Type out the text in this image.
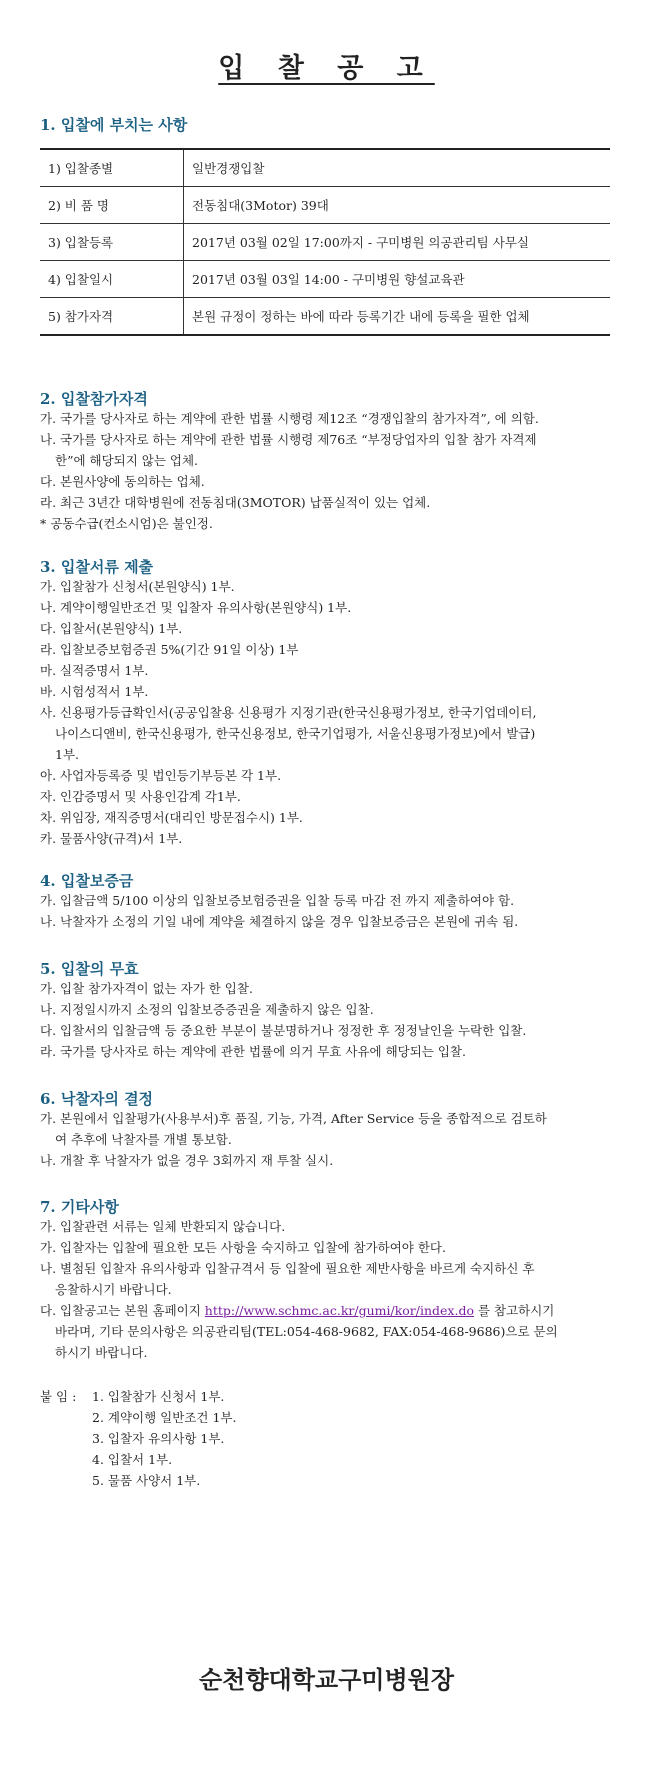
입 찰 공 고
1. 입찰에 부치는 사항
1) 입찰종별	일반경쟁입찰
2) 비 품 명	전동침대(3Motor) 39대
3) 입찰등록	2017년 03월 02일 17:00까지 - 구미병원 의공관리팀 사무실
4) 입찰일시	2017년 03월 03일 14:00 - 구미병원 향설교육관
5) 참가자격	본원 규정이 정하는 바에 따라 등록기간 내에 등록을 필한 업체
2. 입찰참가자격
가. 국가를 당사자로 하는 계약에 관한 법률 시행령 제12조 “경쟁입찰의 참가자격”, 에 의함.
나. 국가를 당사자로 하는 계약에 관한 법률 시행령 제76조 “부정당업자의 입찰 참가 자격제
한”에 해당되지 않는 업체.
다. 본원사양에 동의하는 업체.
라. 최근 3년간 대학병원에 전동침대(3MOTOR) 납품실적이 있는 업체.
* 공동수급(컨소시엄)은 불인정.
3. 입찰서류 제출
가. 입찰참가 신청서(본원양식) 1부.
나. 계약이행일반조건 및 입찰자 유의사항(본원양식) 1부.
다. 입찰서(본원양식) 1부.
라. 입찰보증보험증권 5%(기간 91일 이상) 1부
마. 실적증명서 1부.
바. 시험성적서 1부.
사. 신용평가등급확인서(공공입찰용 신용평가 지정기관(한국신용평가정보, 한국기업데이터,
나이스디앤비, 한국신용평가, 한국신용정보, 한국기업평가, 서울신용평가정보)에서 발급)
1부.
아. 사업자등록증 및 법인등기부등본 각 1부.
자. 인감증명서 및 사용인감계 각1부.
차. 위임장, 재직증명서(대리인 방문접수시) 1부.
카. 물품사양(규격)서 1부.
4. 입찰보증금
가. 입찰금액 5/100 이상의 입찰보증보험증권을 입찰 등록 마감 전 까지 제출하여야 함.
나. 낙찰자가 소정의 기일 내에 계약을 체결하지 않을 경우 입찰보증금은 본원에 귀속 됨.
5. 입찰의 무효
가. 입찰 참가자격이 없는 자가 한 입찰.
나. 지정일시까지 소정의 입찰보증증권을 제출하지 않은 입찰.
다. 입찰서의 입찰금액 등 중요한 부분이 불분명하거나 정정한 후 정정날인을 누락한 입찰.
라. 국가를 당사자로 하는 계약에 관한 법률에 의거 무효 사유에 해당되는 입찰.
6. 낙찰자의 결정
가. 본원에서 입찰평가(사용부서)후 품질, 기능, 가격, After Service 등을 종합적으로 검토하
여 추후에 낙찰자를 개별 통보함.
나. 개찰 후 낙찰자가 없을 경우 3회까지 재 투찰 실시.
7. 기타사항
가. 입찰관련 서류는 일체 반환되지 않습니다.
가. 입찰자는 입찰에 필요한 모든 사항을 숙지하고 입찰에 참가하여야 한다.
나. 별첨된 입찰자 유의사항과 입찰규격서 등 입찰에 필요한 제반사항을 바르게 숙지하신 후
응찰하시기 바랍니다.
다. 입찰공고는 본원 홈페이지 http://www.schmc.ac.kr/gumi/kor/index.do 를 참고하시기
바라며, 기타 문의사항은 의공관리팀(TEL:054-468-9682, FAX:054-468-9686)으로 문의
하시기 바랍니다.
붙 임 :	1. 입찰참가 신청서 1부.
2. 계약이행 일반조건 1부.
3. 입찰자 유의사항 1부.
4. 입찰서 1부.
5. 물품 사양서 1부.
순천향대학교구미병원장
